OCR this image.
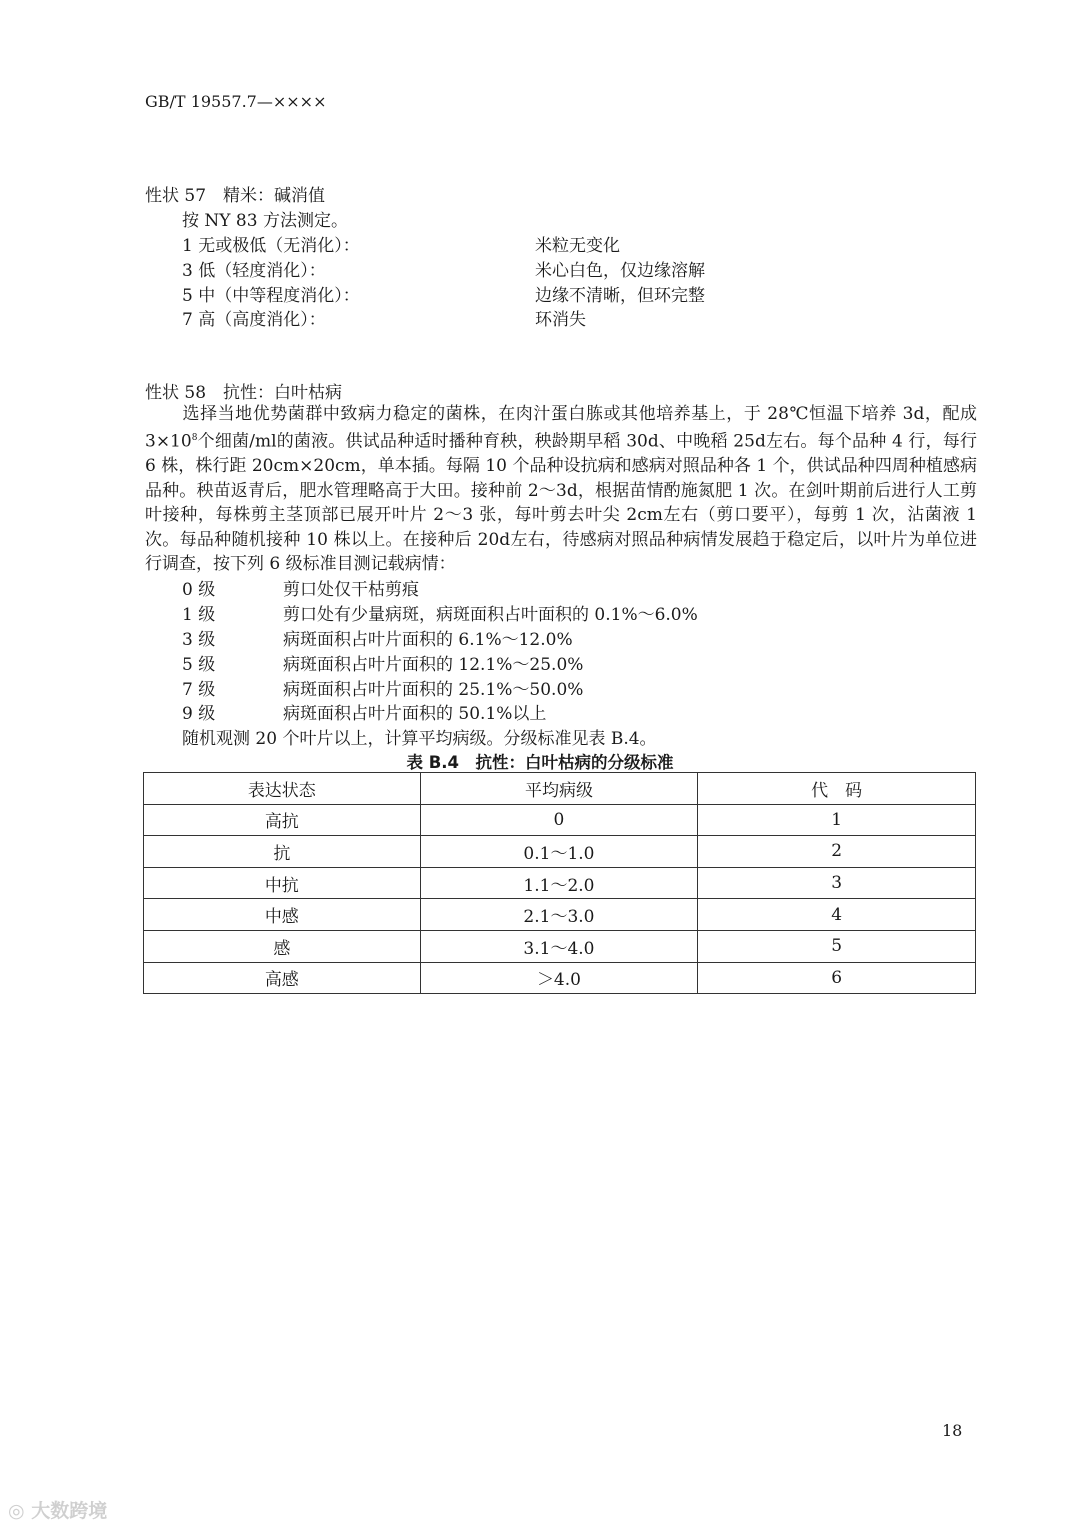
GB/T 19557.7—××××
性状 57　精米：碱消值
按 NY 83 方法测定。
1 无或极低（无消化）：	米粒无变化
3 低（轻度消化）：	米心白色，仅边缘溶解
5 中（中等程度消化）：	边缘不清晰，但环完整
7 高（高度消化）：	环消失
性状 58　抗性：白叶枯病
选择当地优势菌群中致病力稳定的菌株，在肉汁蛋白胨或其他培养基上，于 28℃恒温下培养 3d，配成 $3\times 10^8$个细菌/ml的菌液。供试品种适时播种育秧，秧龄期早稻 30d、中晚稻 25d左右。每个品种 4 行，每行 6 株，株行距 20cm×20cm，单本插。每隔 10 个品种设抗病和感病对照品种各 1 个，供试品种四周种植感病品种。秧苗返青后，肥水管理略高于大田。接种前 2～3d，根据苗情酌施氮肥 1 次。在剑叶期前后进行人工剪叶接种，每株剪主茎顶部已展开叶片 2～3 张，每叶剪去叶尖 2cm左右（剪口要平），每剪 1 次，沾菌液 1 次。每品种随机接种 10 株以上。在接种后 20d左右，待感病对照品种病情发展趋于稳定后，以叶片为单位进行调查，按下列 6 级标准目测记载病情：
0 级	剪口处仅干枯剪痕
1 级	剪口处有少量病斑，病斑面积占叶面积的 0.1%～6.0%
3 级	病斑面积占叶片面积的 6.1%～12.0%
5 级	病斑面积占叶片面积的 12.1%～25.0%
7 级	病斑面积占叶片面积的 25.1%～50.0%
9 级	病斑面积占叶片面积的 50.1%以上
随机观测 20 个叶片以上，计算平均病级。分级标准见表 B.4。
表 B.4　抗性：白叶枯病的分级标准
表达状态	平均病级	代　码
高抗	0	1
抗	0.1～1.0	2
中抗	1.1～2.0	3
中感	2.1～3.0	4
感	3.1～4.0	5
高感	＞4.0	6
18
◎ 大数跨境
